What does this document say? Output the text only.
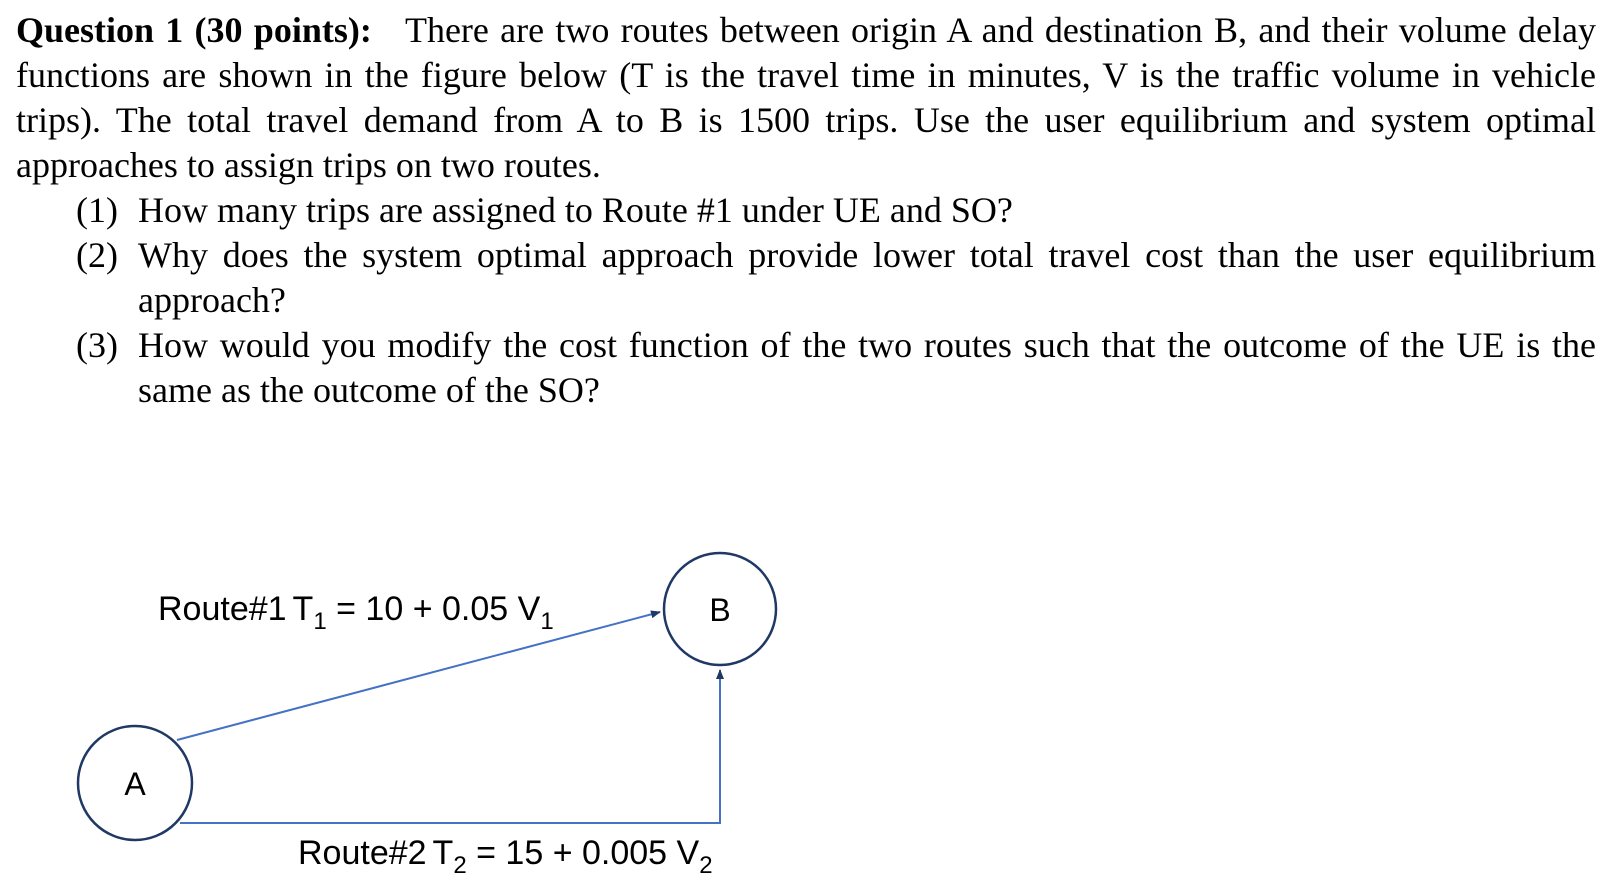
Question 1 (30 points): There are two routes between origin A and destination B, and their volume delay functions are shown in the figure below (T is the travel time in minutes, V is the traffic volume in vehicle trips). The total travel demand from A to B is 1500 trips. Use the user equilibrium and system optimal approaches to assign trips on two routes.

(1) How many trips are assigned to Route #1 under UE and SO?
(2) Why does the system optimal approach provide lower total travel cost than the user equilibrium approach?
(3) How would you modify the cost function of the two routes such that the outcome of the UE is the same as the outcome of the SO?
A
B
Route#1 $T_1 = 10 + 0.05$ $V_1$
Route#2 $T_2 = 15 + 0.005$ $V_2$
